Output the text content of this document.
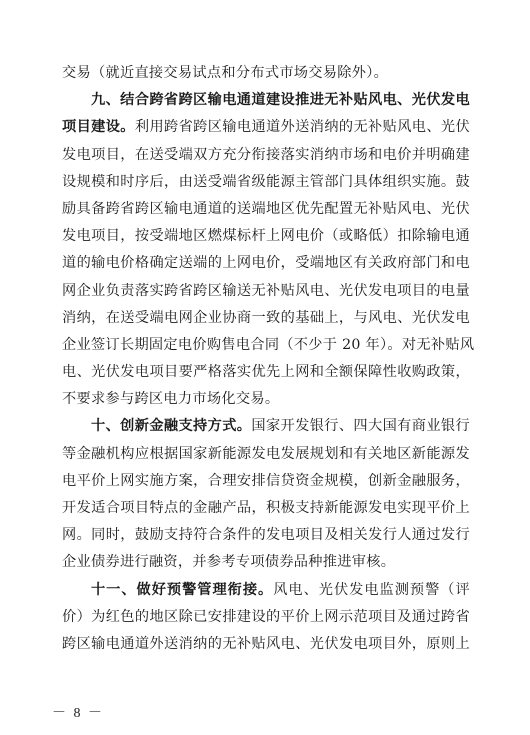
交易（就近直接交易试点和分布式市场交易除外）。
九、结合跨省跨区输电通道建设推进无补贴风电、光伏发电
项目建设。利用跨省跨区输电通道外送消纳的无补贴风电、光伏
发电项目，在送受端双方充分衔接落实消纳市场和电价并明确建
设规模和时序后，由送受端省级能源主管部门具体组织实施。鼓
励具备跨省跨区输电通道的送端地区优先配置无补贴风电、光伏
发电项目，按受端地区燃煤标杆上网电价（或略低）扣除输电通
道的输电价格确定送端的上网电价，受端地区有关政府部门和电
网企业负责落实跨省跨区输送无补贴风电、光伏发电项目的电量
消纳，在送受端电网企业协商一致的基础上，与风电、光伏发电
企业签订长期固定电价购售电合同（不少于 20 年）。对无补贴风
电、光伏发电项目要严格落实优先上网和全额保障性收购政策，
不要求参与跨区电力市场化交易。
十、创新金融支持方式。国家开发银行、四大国有商业银行
等金融机构应根据国家新能源发电发展规划和有关地区新能源发
电平价上网实施方案，合理安排信贷资金规模，创新金融服务，
开发适合项目特点的金融产品，积极支持新能源发电实现平价上
网。同时，鼓励支持符合条件的发电项目及相关发行人通过发行
企业债券进行融资，并参考专项债券品种推进审核。
十一、做好预警管理衔接。风电、光伏发电监测预警（评
价）为红色的地区除已安排建设的平价上网示范项目及通过跨省
跨区输电通道外送消纳的无补贴风电、光伏发电项目外，原则上
－ 8 －
